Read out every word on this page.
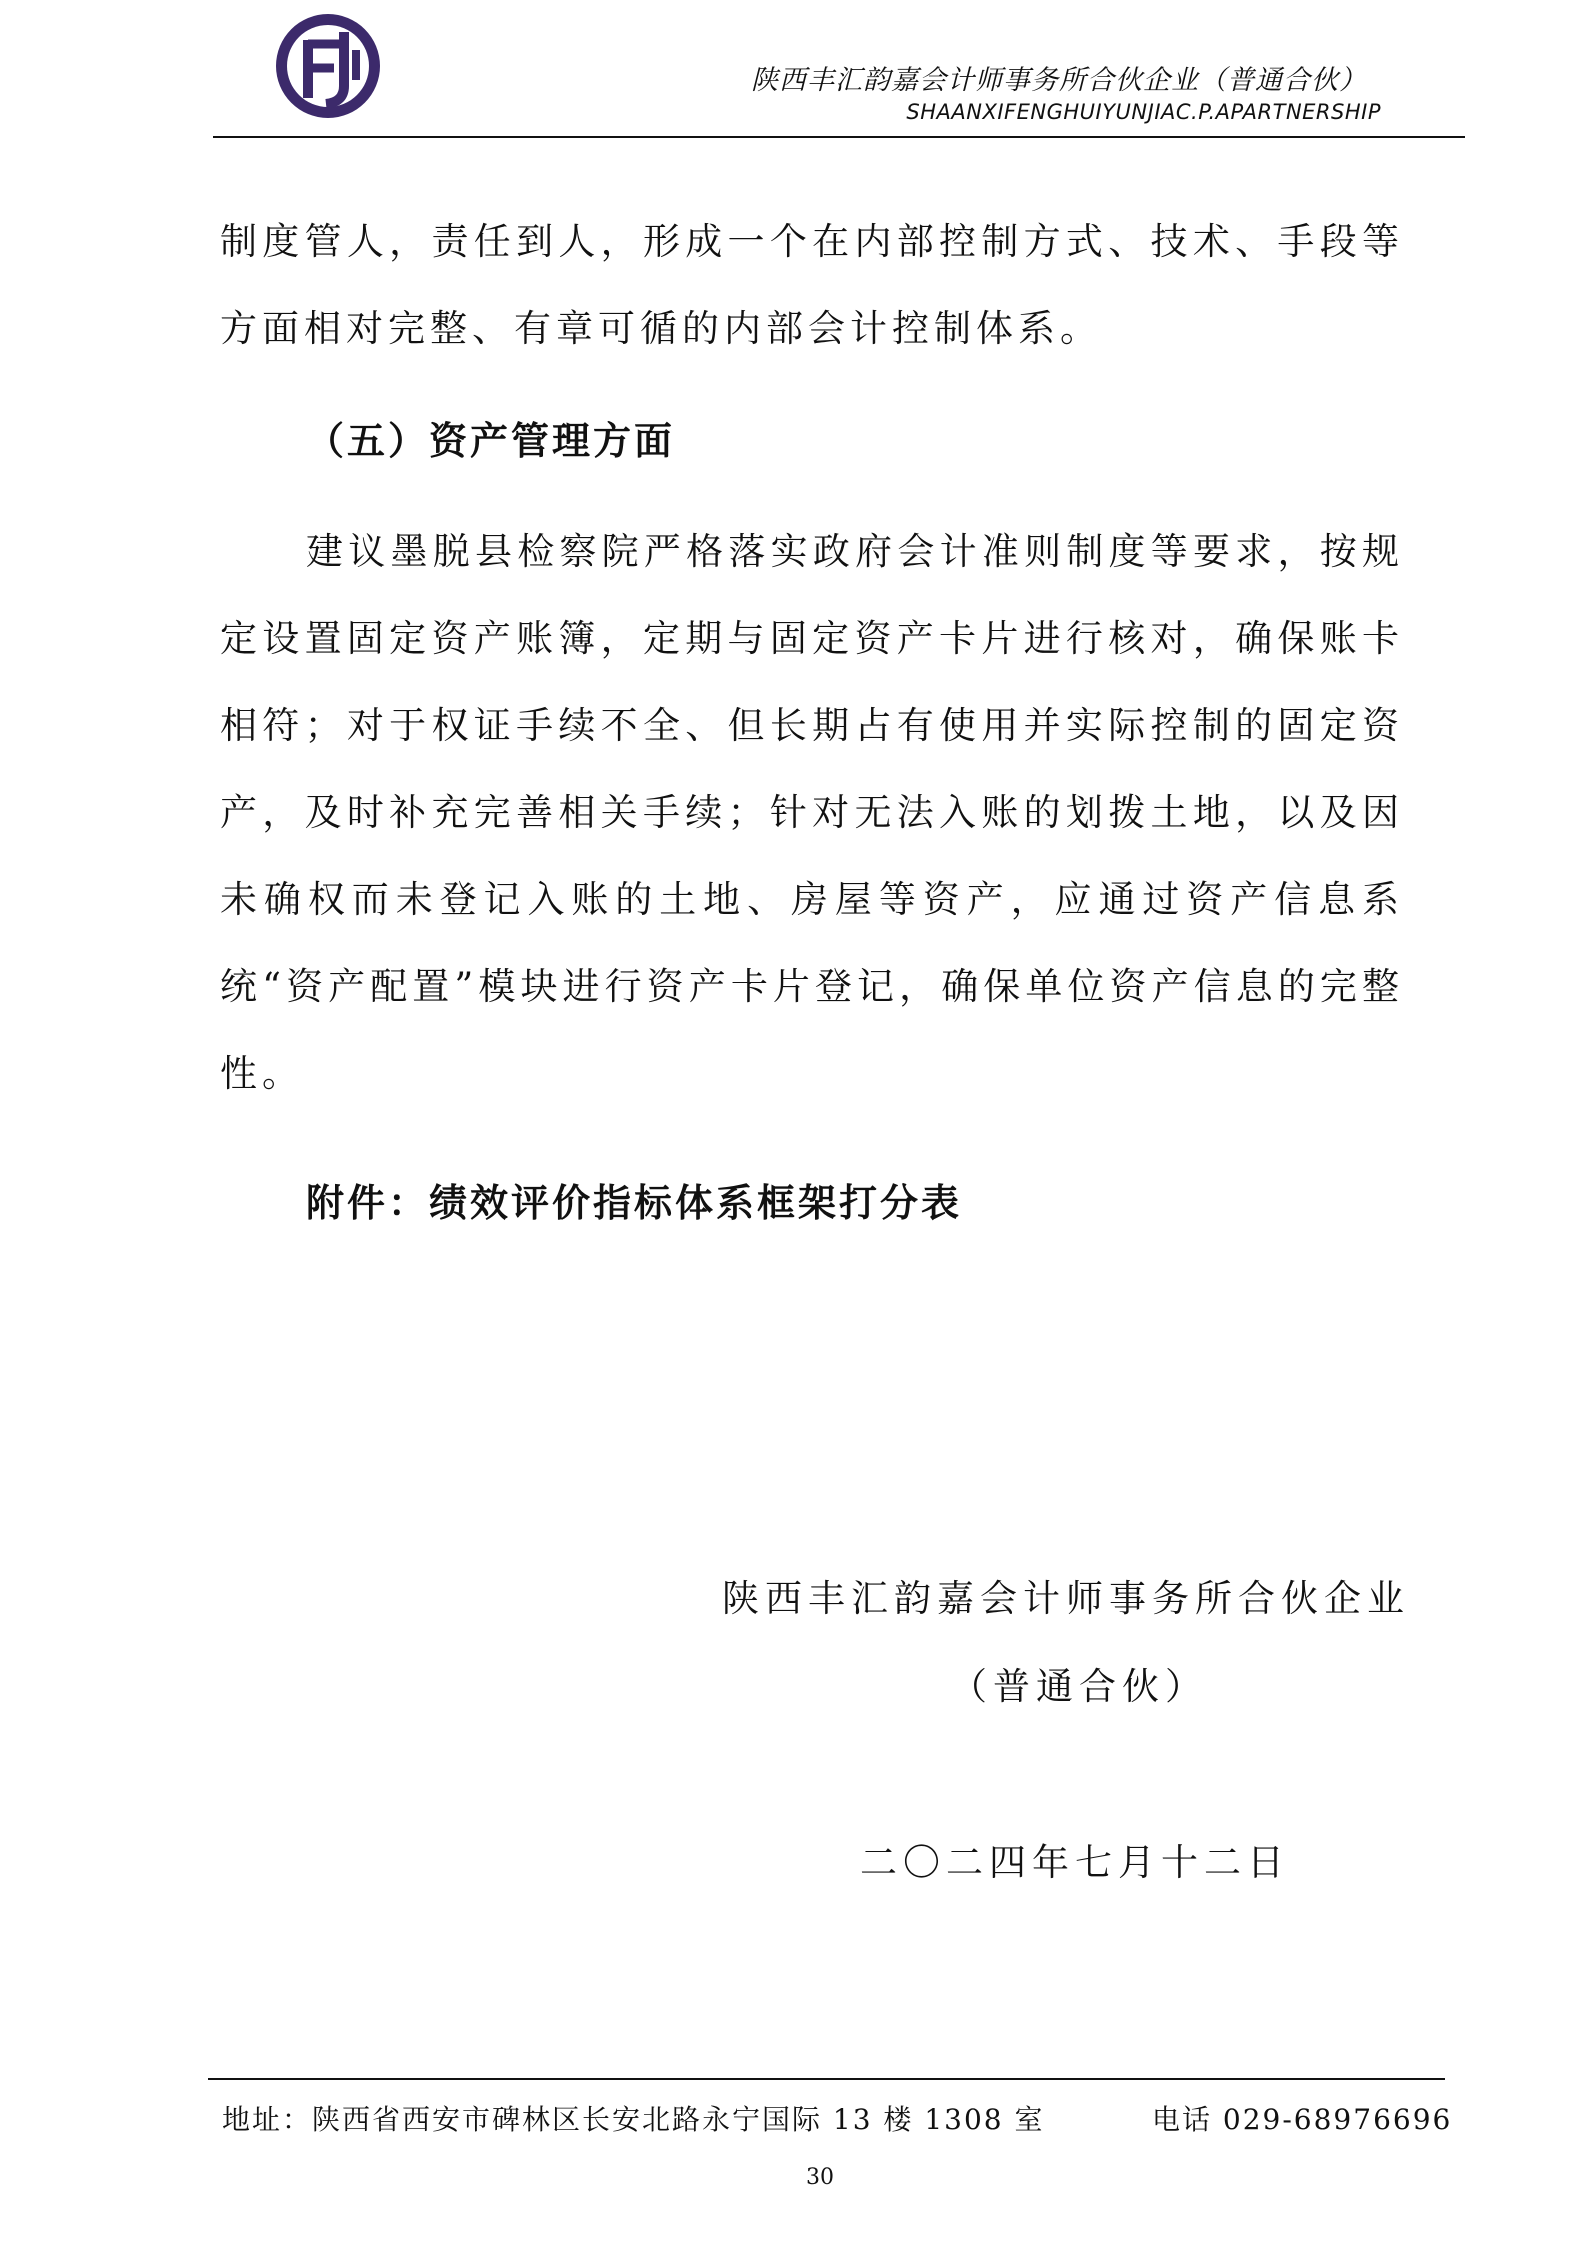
陕西丰汇韵嘉会计师事务所合伙企业（普通合伙）
SHAANXIFENGHUIYUNJIAC.P.APARTNERSHIP

制度管人，责任到人，形成一个在内部控制方式、技术、手段等方面相对完整、有章可循的内部会计控制体系。

（五）资产管理方面

建议墨脱县检察院严格落实政府会计准则制度等要求，按规定设置固定资产账簿，定期与固定资产卡片进行核对，确保账卡相符；对于权证手续不全、但长期占有使用并实际控制的固定资产，及时补充完善相关手续；针对无法入账的划拨土地，以及因未确权而未登记入账的土地、房屋等资产，应通过资产信息系统“资产配置”模块进行资产卡片登记，确保单位资产信息的完整性。

附件：绩效评价指标体系框架打分表

陕西丰汇韵嘉会计师事务所合伙企业

（普通合伙）

二〇二四年七月十二日

地址：陕西省西安市碑林区长安北路永宁国际 13 楼 1308 室	电话 029-68976696
30
